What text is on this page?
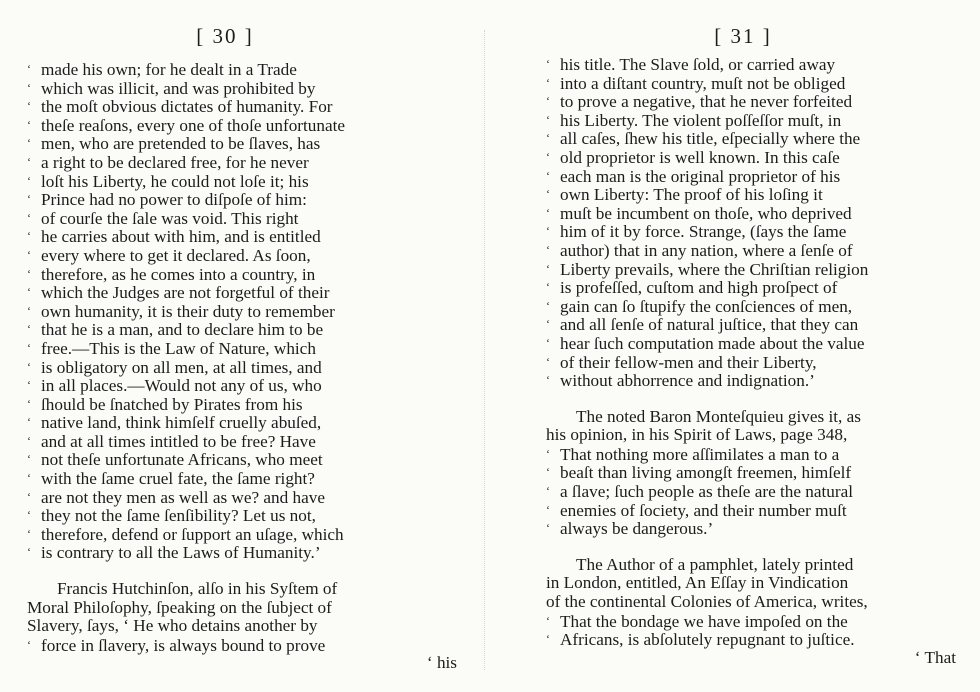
[ 30 ]
‘ made his own; for he dealt in a Trade
‘ which was illicit, and was prohibited by
‘ the moſt obvious dictates of humanity. For
‘ theſe reaſons, every one of thoſe unfortunate
‘ men, who are pretended to be ſlaves, has
‘ a right to be declared free, for he never
‘ loſt his Liberty, he could not loſe it; his
‘ Prince had no power to diſpoſe of him:
‘ of courſe the ſale was void. This right
‘ he carries about with him, and is entitled
‘ every where to get it declared. As ſoon,
‘ therefore, as he comes into a country, in
‘ which the Judges are not forgetful of their
‘ own humanity, it is their duty to remember
‘ that he is a man, and to declare him to be
‘ free.—This is the Law of Nature, which
‘ is obligatory on all men, at all times, and
‘ in all places.—Would not any of us, who
‘ ſhould be ſnatched by Pirates from his
‘ native land, think himſelf cruelly abuſed,
‘ and at all times intitled to be free? Have
‘ not theſe unfortunate Africans, who meet
‘ with the ſame cruel fate, the ſame right?
‘ are not they men as well as we? and have
‘ they not the ſame ſenſibility? Let us not,
‘ therefore, defend or ſupport an uſage, which
‘ is contrary to all the Laws of Humanity.’
Francis Hutchinſon, alſo in his Syſtem of
Moral Philoſophy, ſpeaking on the ſubject of
Slavery, ſays, ‘ He who detains another by
‘ force in ſlavery, is always bound to prove
‘ his
[ 31 ]
‘ his title. The Slave ſold, or carried away
‘ into a diſtant country, muſt not be obliged
‘ to prove a negative, that he never forfeited
‘ his Liberty. The violent poſſeſſor muſt, in
‘ all caſes, ſhew his title, eſpecially where the
‘ old proprietor is well known. In this caſe
‘ each man is the original proprietor of his
‘ own Liberty: The proof of his loſing it
‘ muſt be incumbent on thoſe, who deprived
‘ him of it by force. Strange, (ſays the ſame
‘ author) that in any nation, where a ſenſe of
‘ Liberty prevails, where the Chriſtian religion
‘ is profeſſed, cuſtom and high proſpect of
‘ gain can ſo ſtupify the conſciences of men,
‘ and all ſenſe of natural juſtice, that they can
‘ hear ſuch computation made about the value
‘ of their fellow-men and their Liberty,
‘ without abhorrence and indignation.’
The noted Baron Monteſquieu gives it, as
his opinion, in his Spirit of Laws, page 348,
‘ That nothing more aſſimilates a man to a
‘ beaſt than living amongſt freemen, himſelf
‘ a ſlave; ſuch people as theſe are the natural
‘ enemies of ſociety, and their number muſt
‘ always be dangerous.’
The Author of a pamphlet, lately printed
in London, entitled, An Eſſay in Vindication
of the continental Colonies of America, writes,
‘ That the bondage we have impoſed on the
‘ Africans, is abſolutely repugnant to juſtice.
‘ That
